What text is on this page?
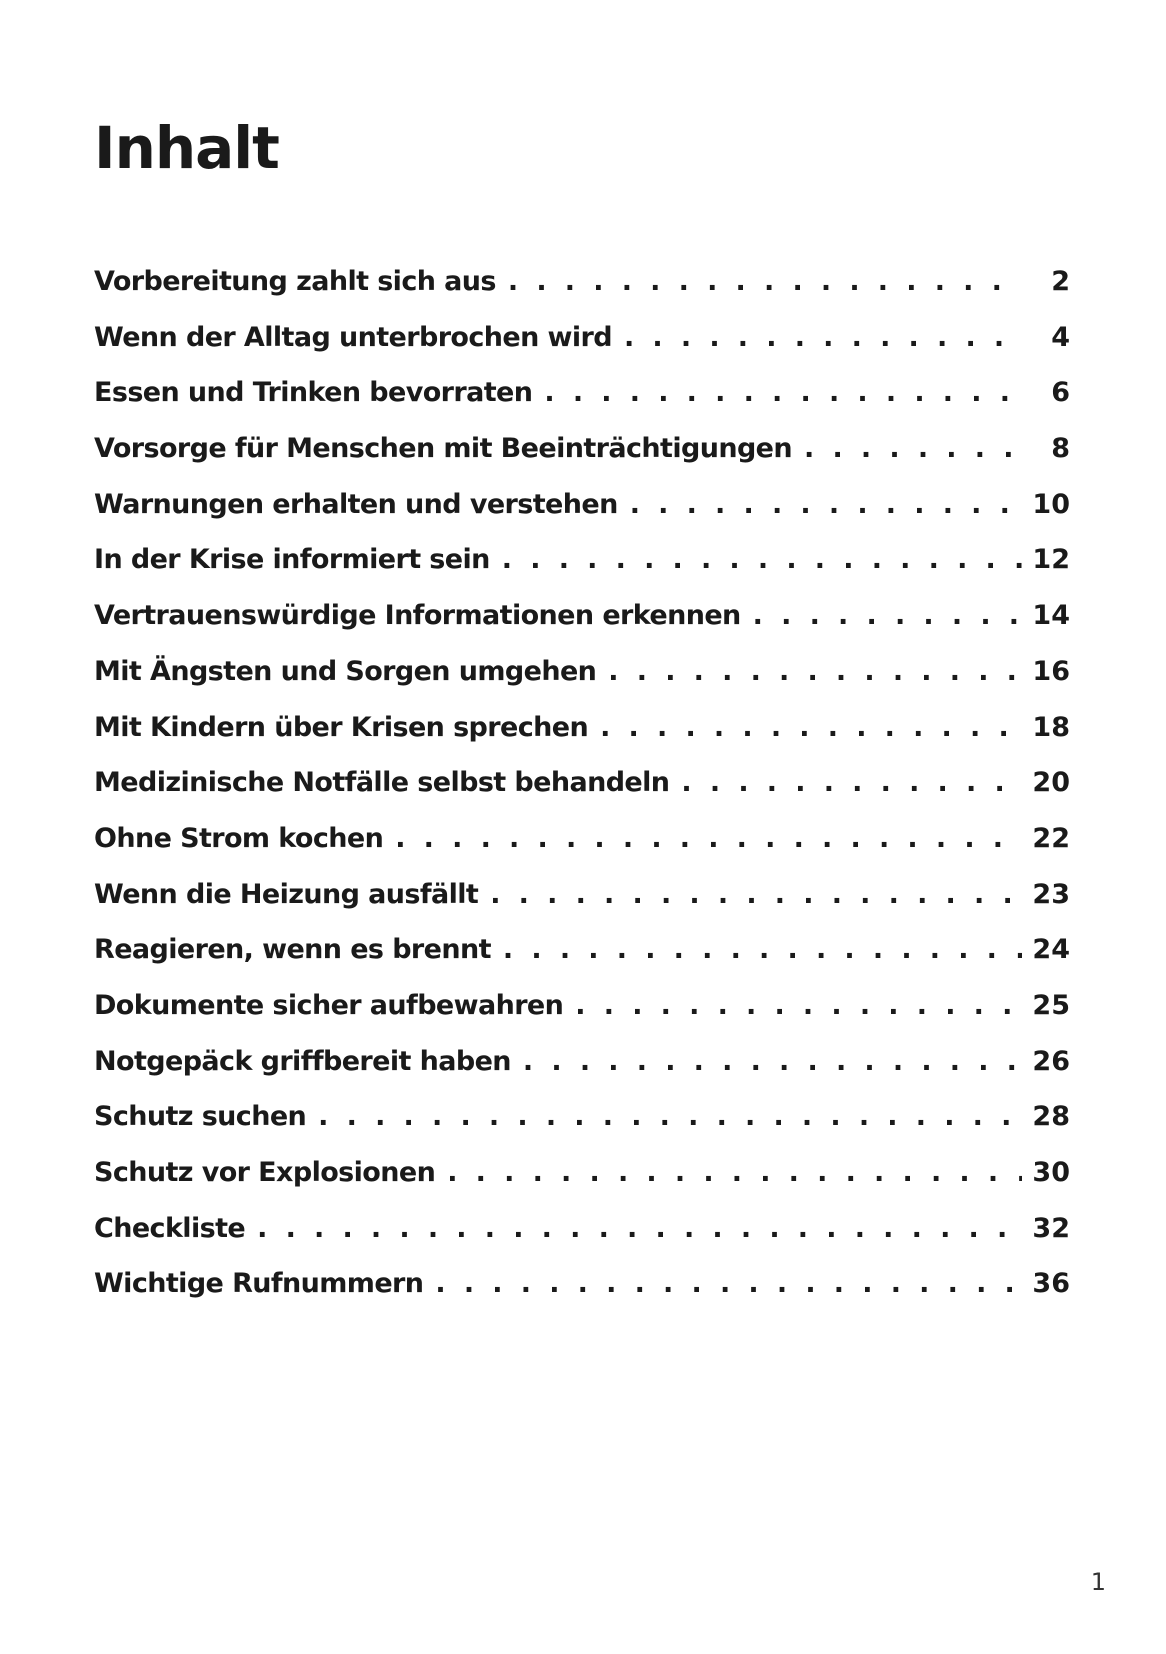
Inhalt
Vorbereitung zahlt sich aus . . .	2
Wenn der Alltag unterbrochen wird . . .	4
Essen und Trinken bevorraten . . .	6
Vorsorge für Menschen mit Beeinträchtigungen . . .	8
Warnungen erhalten und verstehen . . .	10
In der Krise informiert sein . . .	12
Vertrauenswürdige Informationen erkennen . . .	14
Mit Ängsten und Sorgen umgehen . . .	16
Mit Kindern über Krisen sprechen . . .	18
Medizinische Notfälle selbst behandeln . . .	20
Ohne Strom kochen . . .	22
Wenn die Heizung ausfällt . . .	23
Reagieren, wenn es brennt . . .	24
Dokumente sicher aufbewahren . . .	25
Notgepäck griffbereit haben . . .	26
Schutz suchen . . .	28
Schutz vor Explosionen . . .	30
Checkliste . . .	32
Wichtige Rufnummern . . .	36
1
